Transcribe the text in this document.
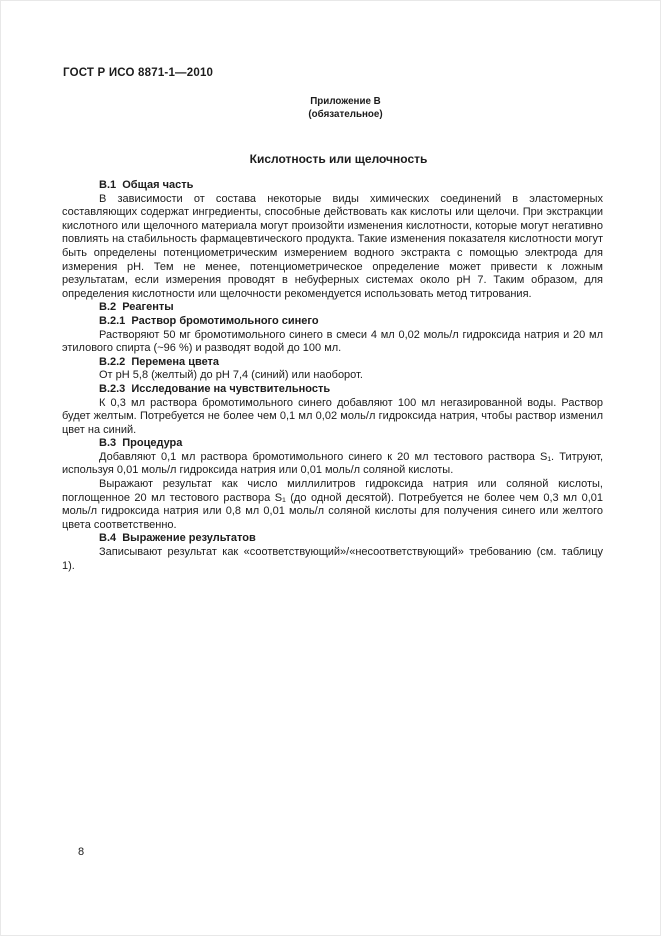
ГОСТ Р ИСО 8871-1—2010
Приложение В
(обязательное)
Кислотность или щелочность

В.1  Общая часть

В зависимости от состава некоторые виды химических соединений в эластомерных составляющих содержат ингредиенты, способные действовать как кислоты или щелочи. При экстракции кислотного или щелочного материала могут произойти изменения кислотности, которые могут негативно повлиять на стабильность фармацевтического продукта. Такие изменения показателя кислотности могут быть определены потенциометрическим измерением водного экстракта с помощью электрода для измерения pH. Тем не менее, потенциометрическое определение может привести к ложным результатам, если измерения проводят в небуферных системах около pH 7. Таким образом, для определения кислотности или щелочности рекомендуется использовать метод титрования.

В.2  Реагенты

В.2.1  Раствор бромотимольного синего

Растворяют 50 мг бромотимольного синего в смеси 4 мл 0,02 моль/л гидроксида натрия и 20 мл этилового спирта (~96 %) и разводят водой до 100 мл.

В.2.2  Перемена цвета

От pH 5,8 (желтый) до pH 7,4 (синий) или наоборот.

В.2.3  Исследование на чувствительность

К 0,3 мл раствора бромотимольного синего добавляют 100 мл негазированной воды. Раствор будет желтым. Потребуется не более чем 0,1 мл 0,02 моль/л гидроксида натрия, чтобы раствор изменил цвет на синий.

В.3  Процедура

Добавляют 0,1 мл раствора бромотимольного синего к 20 мл тестового раствора S₁. Титруют, используя 0,01 моль/л гидроксида натрия или 0,01 моль/л соляной кислоты.

Выражают результат как число миллилитров гидроксида натрия или соляной кислоты, поглощенное 20 мл тестового раствора S₁ (до одной десятой). Потребуется не более чем 0,3 мл 0,01 моль/л гидроксида натрия или 0,8 мл 0,01 моль/л соляной кислоты для получения синего или желтого цвета соответственно.

В.4  Выражение результатов

Записывают результат как «соответствующий»/«несоответствующий» требованию (см. таблицу 1).

8
